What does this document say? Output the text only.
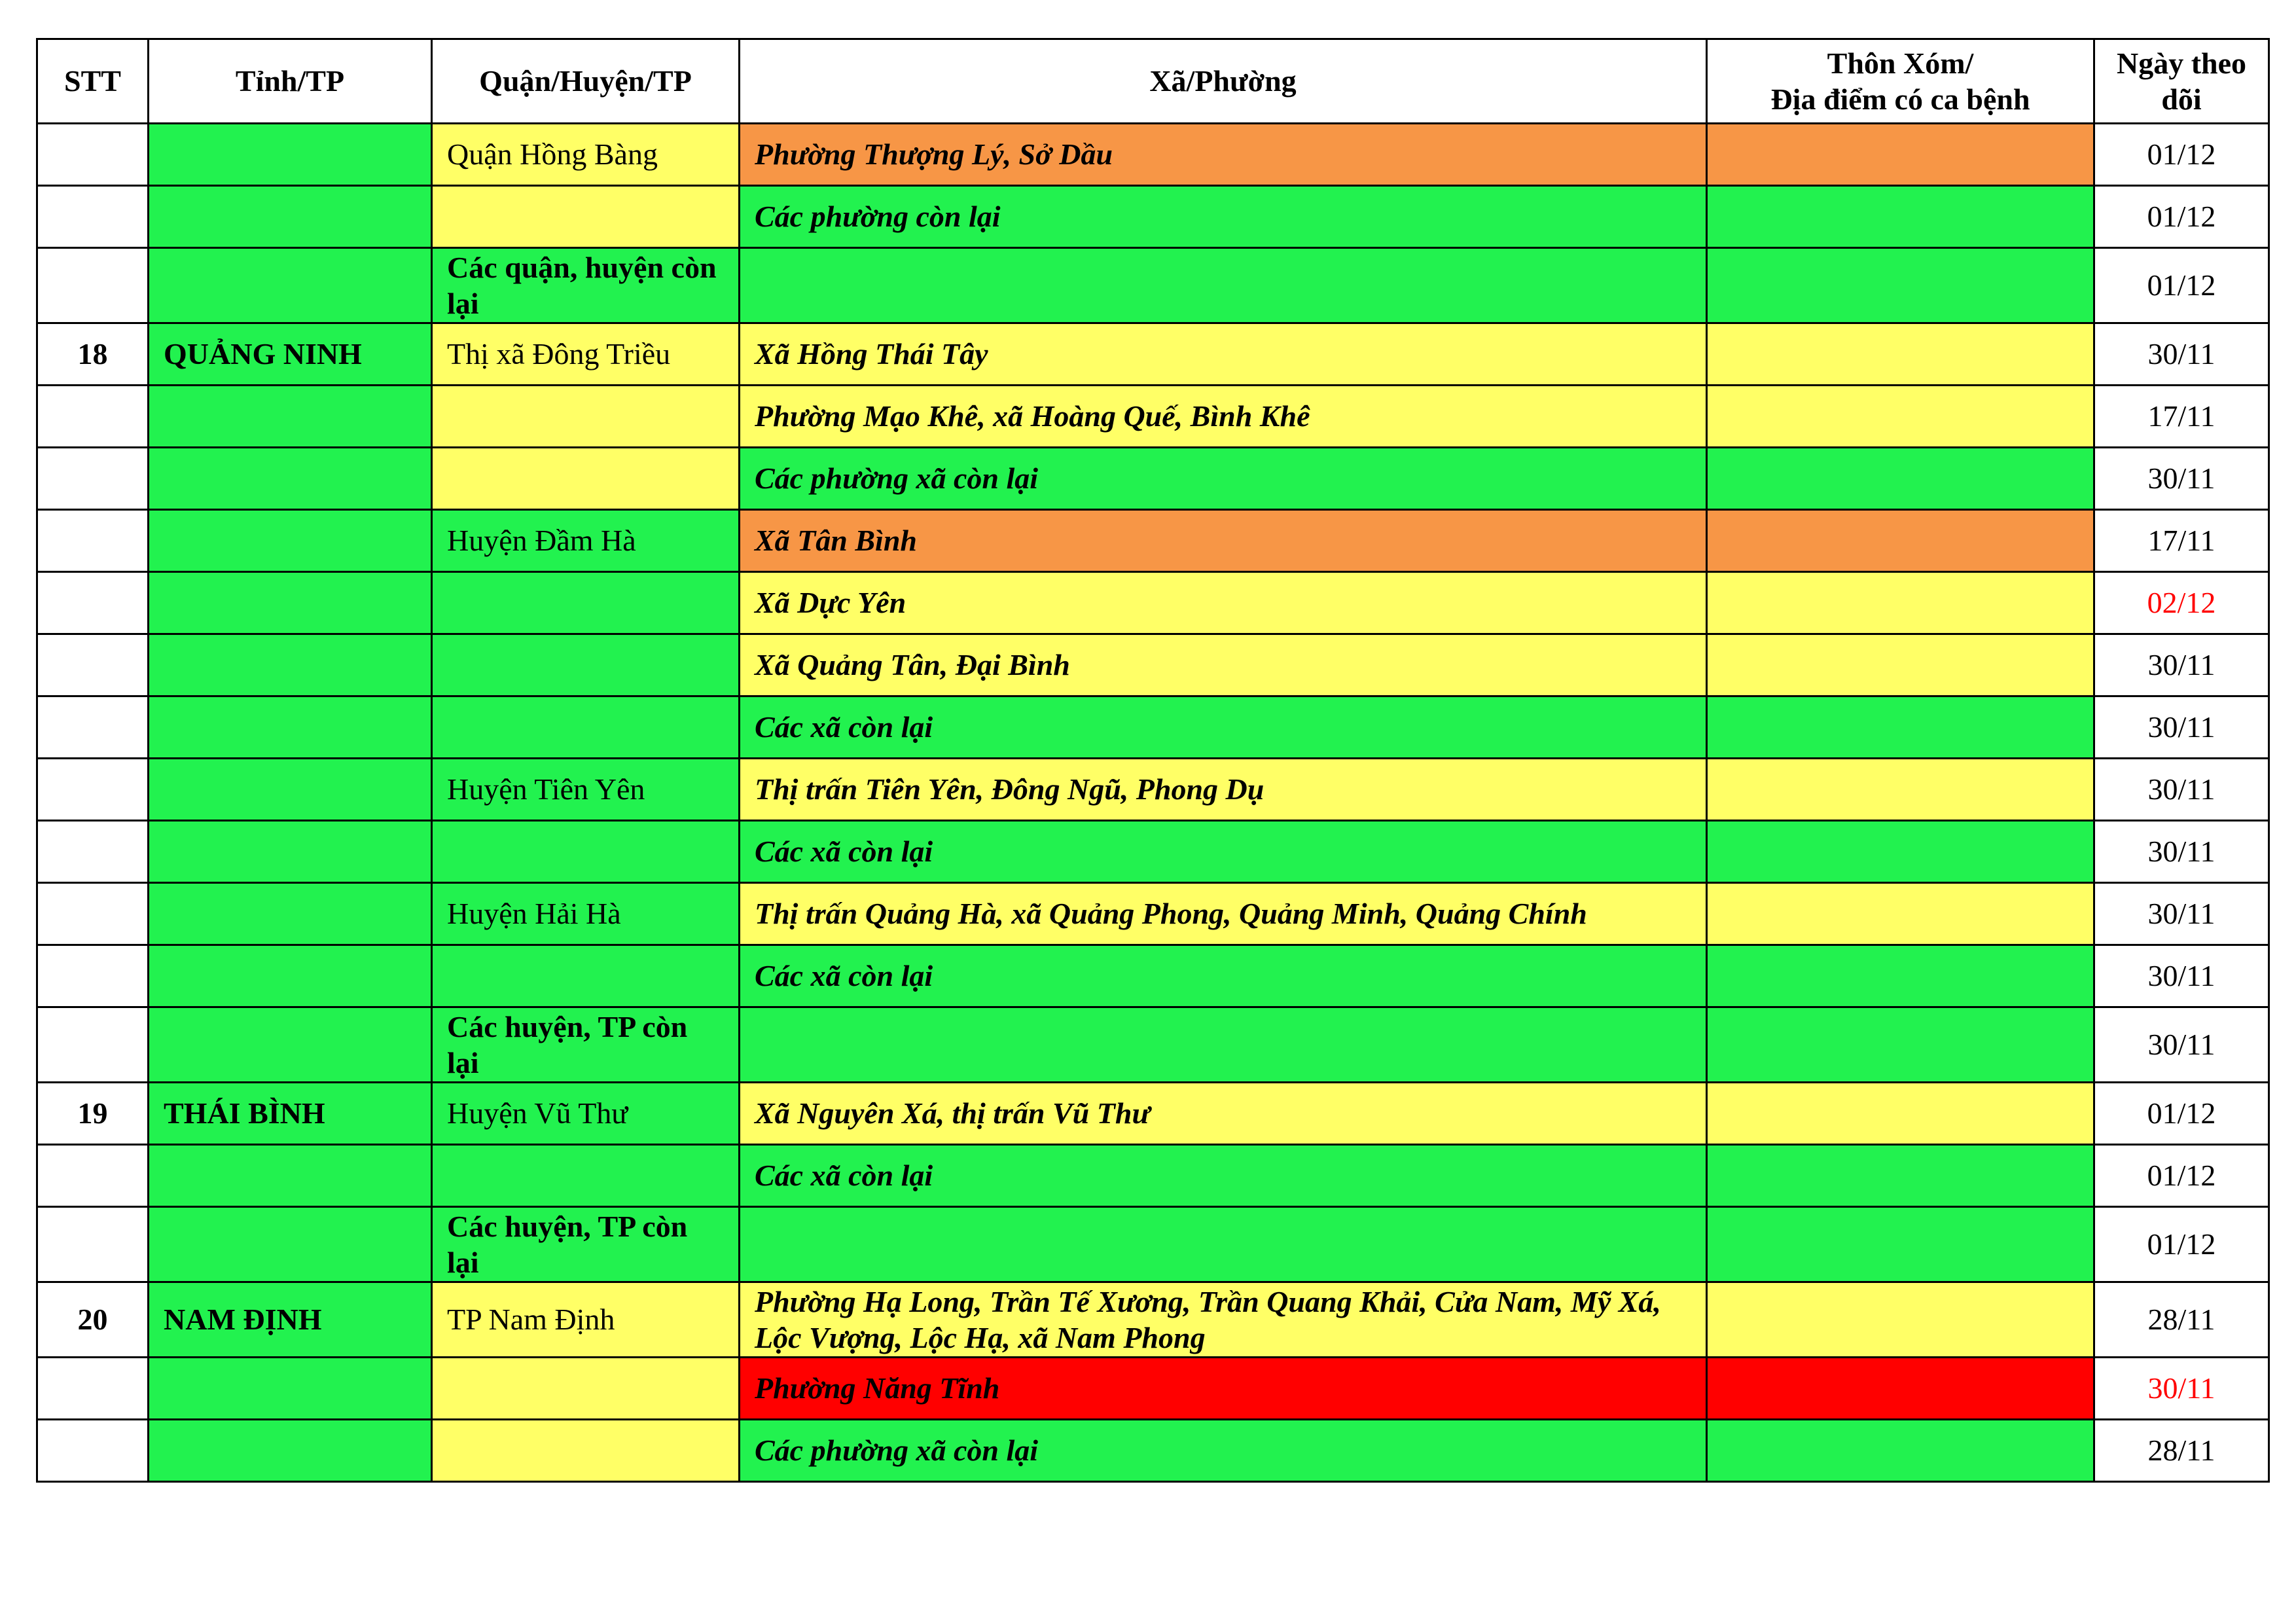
STT	Tỉnh/TP	Quận/Huyện/TP	Xã/Phường	Thôn Xóm/
Địa điểm có ca bệnh	Ngày theo dõi
		Quận Hồng Bàng	Phường Thượng Lý, Sở Dầu		01/12
			Các phường còn lại		01/12
		Các quận, huyện còn lại			01/12
18	QUẢNG NINH	Thị xã Đông Triều	Xã Hồng Thái Tây		30/11
			Phường Mạo Khê, xã Hoàng Quế, Bình Khê		17/11
			Các phường xã còn lại		30/11
		Huyện Đầm Hà	Xã Tân Bình		17/11
			Xã Dực Yên		02/12
			Xã Quảng Tân, Đại Bình		30/11
			Các xã còn lại		30/11
		Huyện Tiên Yên	Thị trấn Tiên Yên, Đông Ngũ, Phong Dụ		30/11
			Các xã còn lại		30/11
		Huyện Hải Hà	Thị trấn Quảng Hà, xã Quảng Phong, Quảng Minh, Quảng Chính		30/11
			Các xã còn lại		30/11
		Các huyện, TP còn lại			30/11
19	THÁI BÌNH	Huyện Vũ Thư	Xã Nguyên Xá, thị trấn Vũ Thư		01/12
			Các xã còn lại		01/12
		Các huyện, TP còn lại			01/12
20	NAM ĐỊNH	TP Nam Định	Phường Hạ Long, Trần Tế Xương, Trần Quang Khải, Cửa Nam, Mỹ Xá, Lộc Vượng, Lộc Hạ, xã Nam Phong		28/11
			Phường Năng Tĩnh		30/11
			Các phường xã còn lại		28/11
